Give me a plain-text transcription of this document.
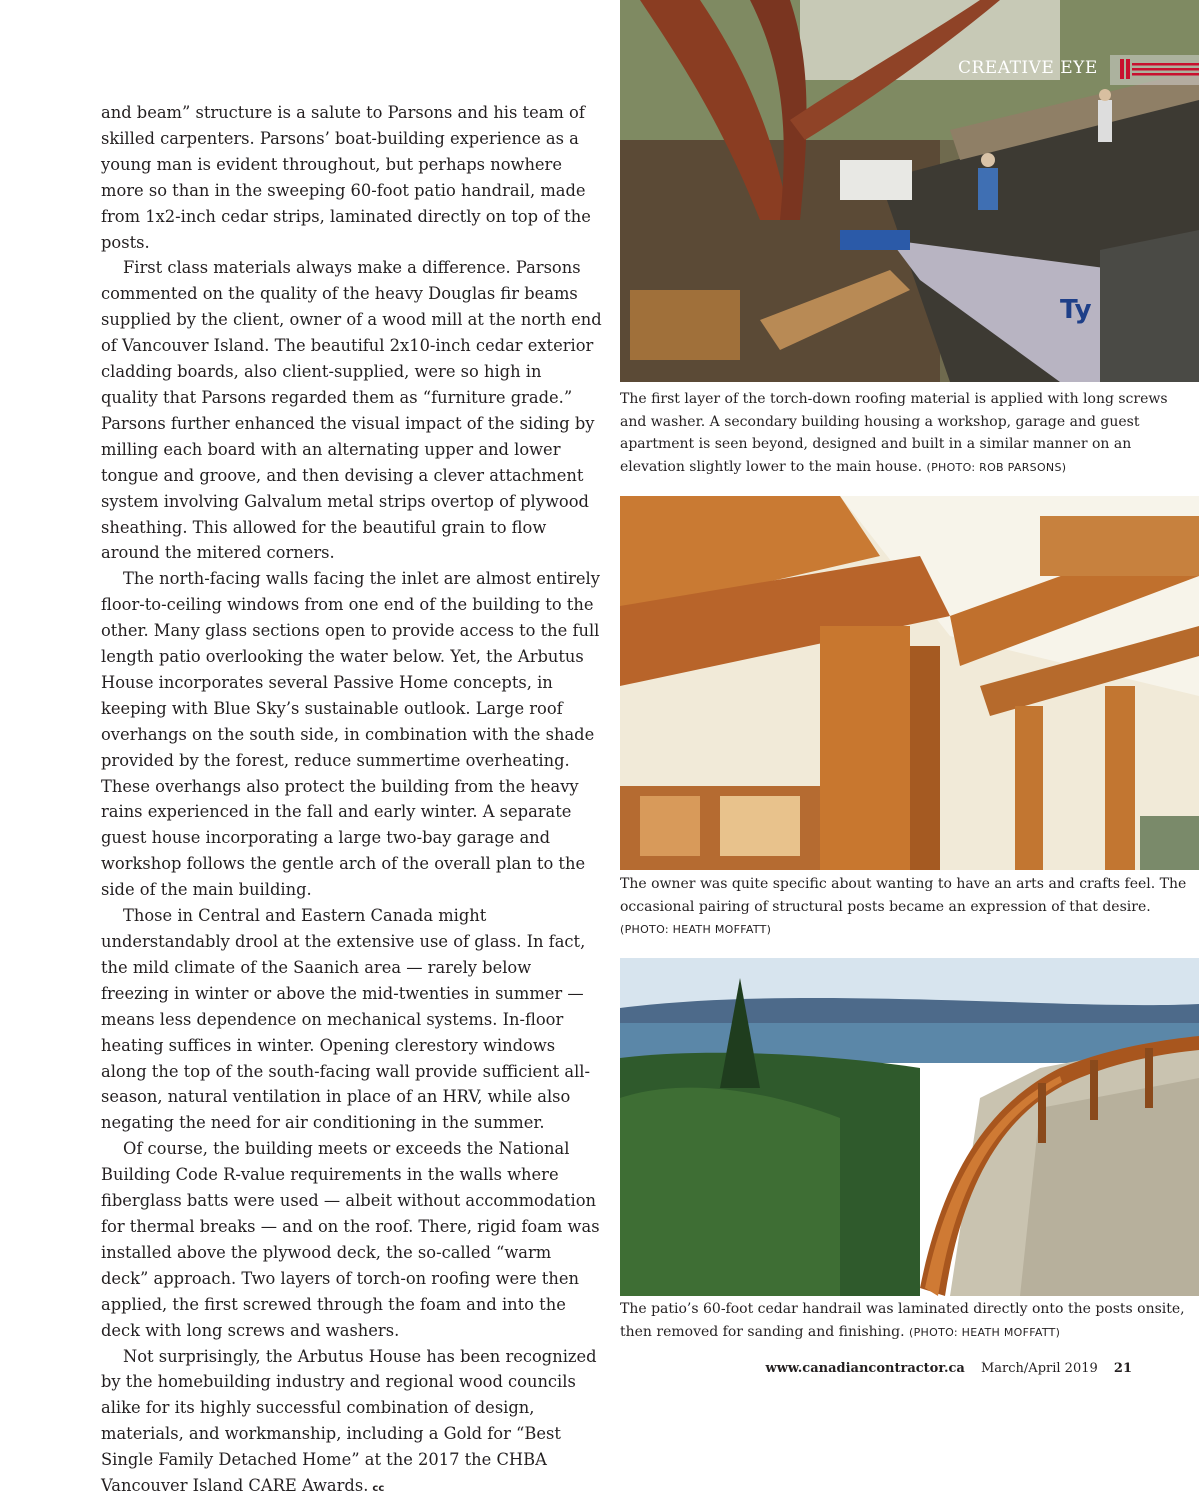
and beam” structure is a salute to Parsons and his team of skilled carpenters. Parsons’ boat-building experience as a young man is evident throughout, but perhaps nowhere more so than in the sweeping 60-foot patio handrail, made from 1x2-inch cedar strips, laminated directly on top of the posts.

First class materials always make a difference. Parsons commented on the quality of the heavy Douglas fir beams supplied by the client, owner of a wood mill at the north end of Vancouver Island. The beautiful 2x10-inch cedar exterior cladding boards, also client-supplied, were so high in quality that Parsons regarded them as “furniture grade.” Parsons further enhanced the visual impact of the siding by milling each board with an alternating upper and lower tongue and groove, and then devising a clever attachment system involving Galvalum metal strips overtop of plywood sheathing. This allowed for the beautiful grain to flow around the mitered corners.

The north-facing walls facing the inlet are almost entirely floor-to-ceiling windows from one end of the building to the other. Many glass sections open to provide access to the full length patio overlooking the water below. Yet, the Arbutus House incorporates several Passive Home concepts, in keeping with Blue Sky’s sustainable outlook. Large roof overhangs on the south side, in combination with the shade provided by the forest, reduce summertime overheating. These overhangs also protect the building from the heavy rains experienced in the fall and early winter. A separate guest house incorporating a large two-bay garage and workshop follows the gentle arch of the overall plan to the side of the main building.

Those in Central and Eastern Canada might understandably drool at the extensive use of glass. In fact, the mild climate of the Saanich area — rarely below freezing in winter or above the mid-twenties in summer — means less dependence on mechanical systems. In-floor heating suffices in winter. Opening clerestory windows along the top of the south-facing wall provide sufficient all-season, natural ventilation in place of an HRV, while also negating the need for air conditioning in the summer.

Of course, the building meets or exceeds the National Building Code R-value requirements in the walls where fiberglass batts were used — albeit without accommodation for thermal breaks — and on the roof. There, rigid foam was installed above the plywood deck, the so-called “warm deck” approach. Two layers of torch-on roofing were then applied, the first screwed through the foam and into the deck with long screws and washers.

Not surprisingly, the Arbutus House has been recognized by the homebuilding industry and regional wood councils alike for its highly successful combination of design, materials, and workmanship, including a Gold for “Best Single Family Detached Home” at the 2017 the CHBA Vancouver Island CARE Awards. cc

Ty
CREATIVE EYE
The first layer of the torch-down roofing material is applied with long screws and washer. A secondary building housing a workshop, garage and guest apartment is seen beyond, designed and built in a similar manner on an elevation slightly lower to the main house. (PHOTO: ROB PARSONS)
The owner was quite specific about wanting to have an arts and crafts feel. The occasional pairing of structural posts became an expression of that desire. (PHOTO: HEATH MOFFATT)
The patio’s 60-foot cedar handrail was laminated directly onto the posts onsite, then removed for sanding and finishing. (PHOTO: HEATH MOFFATT)
www.canadiancontractor.ca March/April 2019 21
